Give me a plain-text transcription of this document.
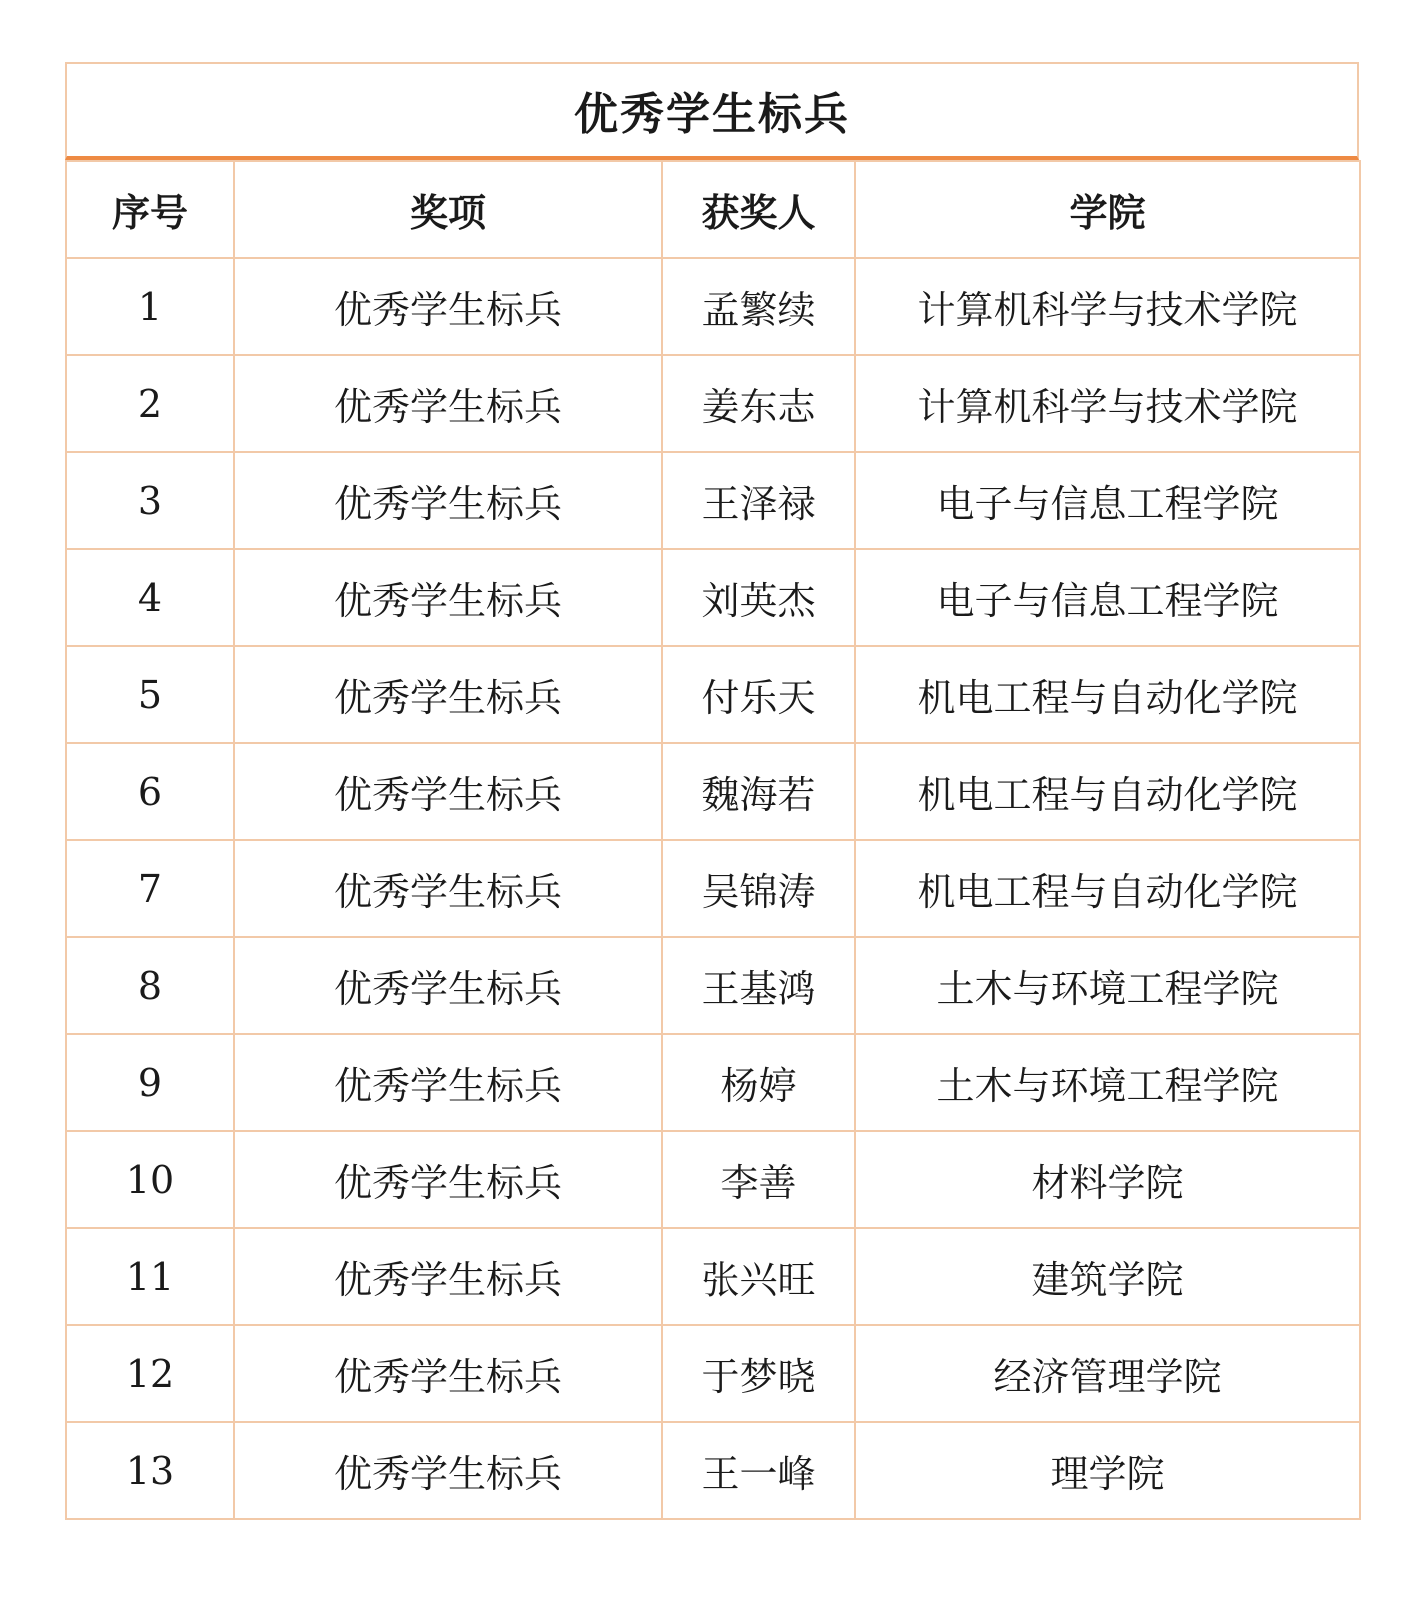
优秀学生标兵
序号	奖项	获奖人	学院
1	优秀学生标兵	孟繁续	计算机科学与技术学院
2	优秀学生标兵	姜东志	计算机科学与技术学院
3	优秀学生标兵	王泽禄	电子与信息工程学院
4	优秀学生标兵	刘英杰	电子与信息工程学院
5	优秀学生标兵	付乐天	机电工程与自动化学院
6	优秀学生标兵	魏海若	机电工程与自动化学院
7	优秀学生标兵	吴锦涛	机电工程与自动化学院
8	优秀学生标兵	王基鸿	土木与环境工程学院
9	优秀学生标兵	杨婷	土木与环境工程学院
10	优秀学生标兵	李善	材料学院
11	优秀学生标兵	张兴旺	建筑学院
12	优秀学生标兵	于梦晓	经济管理学院
13	优秀学生标兵	王一峰	理学院
